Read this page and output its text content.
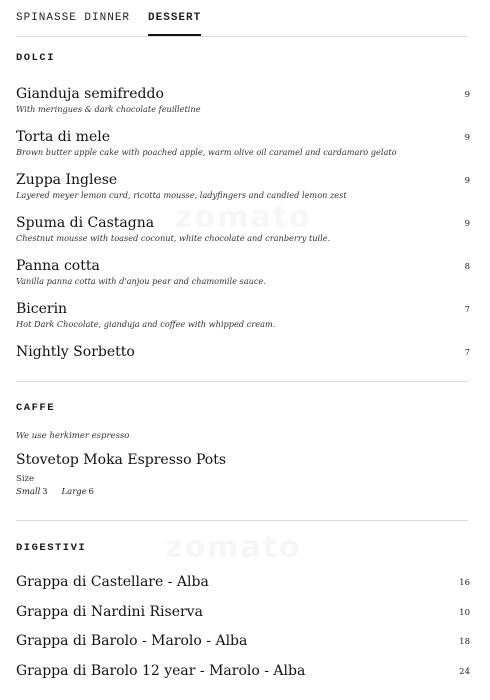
SPINASSE DINNER DESSERT
DOLCI
Gianduja semifreddo
With meringues & dark chocolate feuilletine
9
Torta di mele
Brown butter apple cake with poached apple, warm olive oil caramel and cardamaro gelato
9
Zuppa Inglese
Layered meyer lemon curd, ricotta mousse, ladyfingers and candied lemon zest
9
Spuma di Castagna
Chestnut mousse with toased coconut, white chocolate and cranberry tuile.
9
Panna cotta
Vanilla panna cotta with d'anjou pear and chamomile sauce.
8
Bicerin
Hot Dark Chocolate, gianduja and coffee with whipped cream.
7
Nightly Sorbetto	7
CAFFE
We use herkimer espresso
Stovetop Moka Espresso Pots
Size
Small  3 Large  6
DIGESTIVI
Grappa di Castellare - Alba	16
Grappa di Nardini Riserva	10
Grappa di Barolo - Marolo - Alba	18
Grappa di Barolo 12 year - Marolo - Alba	24
